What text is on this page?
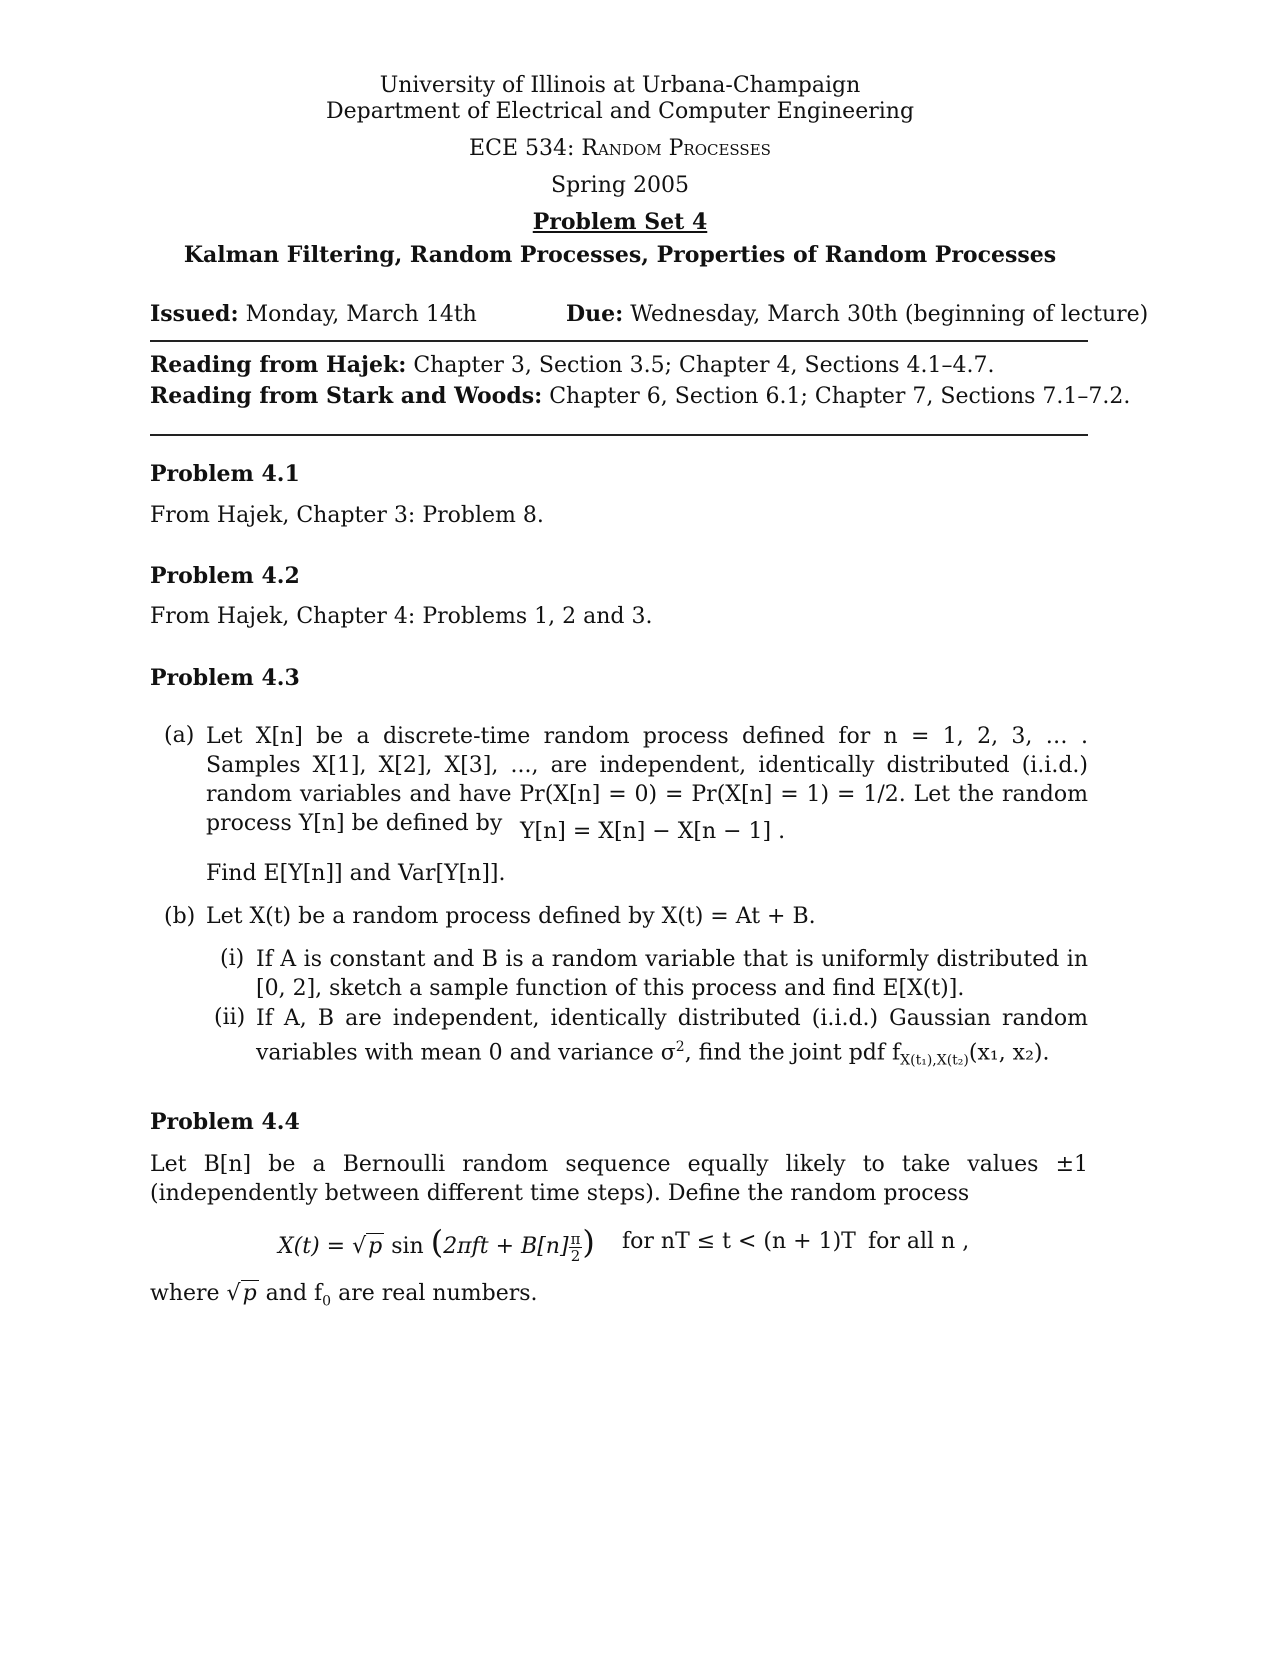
University of Illinois at Urbana-Champaign
Department of Electrical and Computer Engineering
ECE 534: Random Processes
Spring 2005
Problem Set 4
Kalman Filtering, Random Processes, Properties of Random Processes
Issued: Monday, March 14th	Due: Wednesday, March 30th (beginning of lecture)
Reading from Hajek: Chapter 3, Section 3.5; Chapter 4, Sections 4.1–4.7.
Reading from Stark and Woods: Chapter 6, Section 6.1; Chapter 7, Sections 7.1–7.2.
Problem 4.1
From Hajek, Chapter 3: Problem 8.
Problem 4.2
From Hajek, Chapter 4: Problems 1, 2 and 3.
Problem 4.3
(a) Let X[n] be a discrete-time random process defined for n = 1, 2, 3, … . Samples X[1], X[2], X[3], ..., are independent, identically distributed (i.i.d.) random variables and have Pr(X[n] = 0) = Pr(X[n] = 1) = 1/2. Let the random process Y[n] be defined by Y[n] = X[n] − X[n − 1] .
Find E[Y[n]] and Var[Y[n]].
(b) Let X(t) be a random process defined by X(t) = At + B.
(i) If A is constant and B is a random variable that is uniformly distributed in [0, 2], sketch a sample function of this process and find E[X(t)].
(ii) If A, B are independent, identically distributed (i.i.d.) Gaussian random variables with mean 0 and variance $\sigma^2$, find the joint pdf $f_{X(t_1),X(t_2)}(x_1$, x₂).
Problem 4.4
Let B[n] be a Bernoulli random sequence equally likely to take values ±1 (independently between different time steps). Define the random process
X(t) = √p $\sin (2\pi ft + B[n] \frac{\pi}{2}$ ) for nT ≤ t < (n + 1)T for all n ,
where √p and $f_0$ are real numbers.
